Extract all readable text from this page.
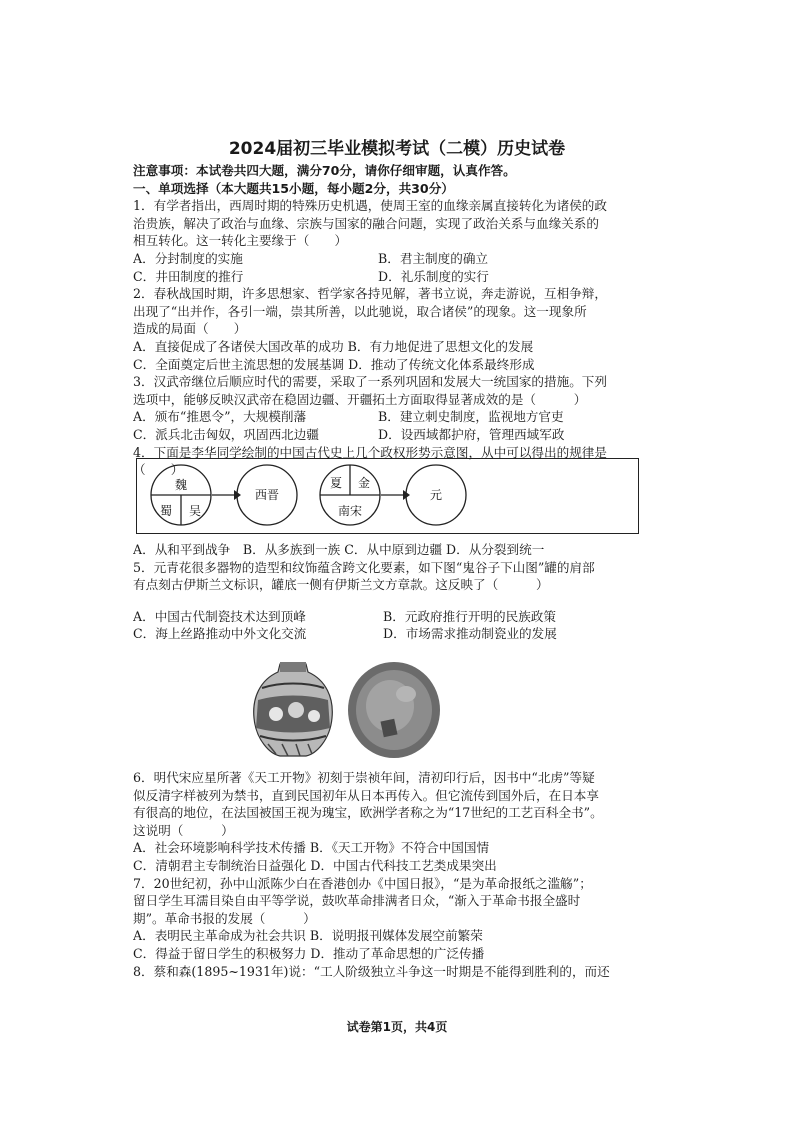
2024届初三毕业模拟考试（二模）历史试卷
注意事项：本试卷共四大题，满分70分，请你仔细审题，认真作答。
一、单项选择（本大题共15小题，每小题2分，共30分）
1．有学者指出，西周时期的特殊历史机遇，使周王室的血缘亲属直接转化为诸侯的政
治贵族，解决了政治与血缘、宗族与国家的融合问题，实现了政治关系与血缘关系的
相互转化。这一转化主要缘于（　　）
A．分封制度的实施	B．君主制度的确立
C．井田制度的推行	D．礼乐制度的实行
2．春秋战国时期，许多思想家、哲学家各持见解，著书立说，奔走游说，互相争辩，
出现了“出并作，各引一端，崇其所善，以此驰说，取合诸侯”的现象。这一现象所
造成的局面（　　）
A．直接促成了各诸侯大国改革的成功 B．有力地促进了思想文化的发展
C．全面奠定后世主流思想的发展基调 D．推动了传统文化体系最终形成
3．汉武帝继位后顺应时代的需要，采取了一系列巩固和发展大一统国家的措施。下列
选项中，能够反映汉武帝在稳固边疆、开疆拓土方面取得显著成效的是（　　　）
A．颁布“推恩令”，大规模削藩	B．建立刺史制度，监视地方官吏
C．派兵北击匈奴，巩固西北边疆	D．设西域都护府，管理西域军政
4．下面是李华同学绘制的中国古代史上几个政权形势示意图，从中可以得出的规律是
（　　）
魏
蜀 吴
西晋
夏 金
南宋
元
A．从和平到战争　B．从多族到一族 C．从中原到边疆 D．从分裂到统一
5．元青花很多器物的造型和纹饰蕴含跨文化要素，如下图“鬼谷子下山图”罐的肩部
有点刻古伊斯兰文标识，罐底一侧有伊斯兰文方章款。这反映了（　　　）
A．中国古代制瓷技术达到顶峰	B．元政府推行开明的民族政策
C．海上丝路推动中外文化交流	D．市场需求推动制瓷业的发展
6．明代宋应星所著《天工开物》初刻于崇祯年间，清初印行后，因书中“北虏”等疑
似反清字样被列为禁书，直到民国初年从日本再传入。但它流传到国外后，在日本享
有很高的地位，在法国被国王视为瑰宝，欧洲学者称之为“17世纪的工艺百科全书”。
这说明（　　　）
A．社会环境影响科学技术传播 B．《天工开物》不符合中国国情
C．清朝君主专制统治日益强化 D．中国古代科技工艺类成果突出
7．20世纪初，孙中山派陈少白在香港创办《中国日报》，“是为革命报纸之滥觞”；
留日学生耳濡目染自由平等学说，鼓吹革命排满者日众，“渐入于革命书报全盛时
期”。革命书报的发展（　　　）
A．表明民主革命成为社会共识 B．说明报刊媒体发展空前繁荣
C．得益于留日学生的积极努力 D．推动了革命思想的广泛传播
8．蔡和森(1895~1931年)说：“工人阶级独立斗争这一时期是不能得到胜利的，而还
试卷第1页，共4页
